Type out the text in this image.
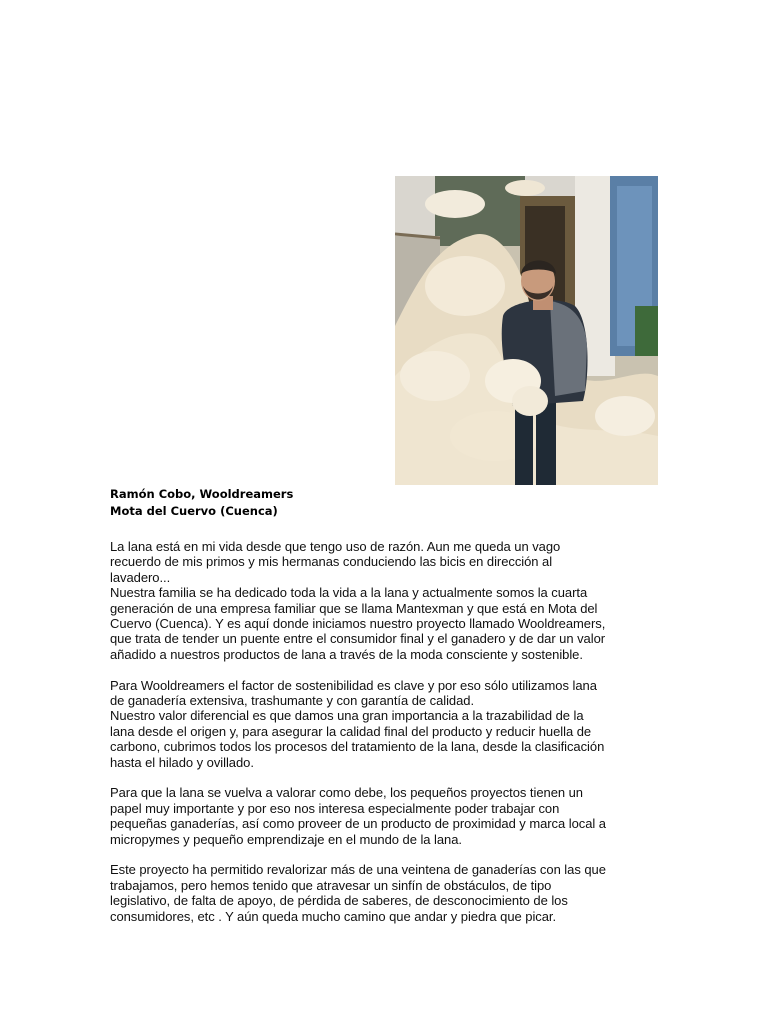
Ramón Cobo, Wooldreamers
Mota del Cuervo (Cuenca)

La lana está en mi vida desde que tengo uso de razón. Aun me queda un vago
recuerdo de mis primos y mis hermanas conduciendo las bicis en dirección al
lavadero...
Nuestra familia se ha dedicado toda la vida a la lana y actualmente somos la cuarta
generación de una empresa familiar que se llama Mantexman y que está en Mota del
Cuervo (Cuenca). Y es aquí donde iniciamos nuestro proyecto llamado Wooldreamers,
que trata de tender un puente entre el consumidor final y el ganadero y de dar un valor
añadido a nuestros productos de lana a través de la moda consciente y sostenible.

Para Wooldreamers el factor de sostenibilidad es clave y por eso sólo utilizamos lana
de ganadería extensiva, trashumante y con garantía de calidad.
Nuestro valor diferencial es que damos una gran importancia a la trazabilidad de la
lana desde el origen y, para asegurar la calidad final del producto y reducir huella de
carbono, cubrimos todos los procesos del tratamiento de la lana, desde la clasificación
hasta el hilado y ovillado.

Para que la lana se vuelva a valorar como debe, los pequeños proyectos tienen un
papel muy importante y por eso nos interesa especialmente poder trabajar con
pequeñas ganaderías, así como proveer de un producto de proximidad y marca local a
micropymes y pequeño emprendizaje en el mundo de la lana.

Este proyecto ha permitido revalorizar más de una veintena de ganaderías con las que
trabajamos, pero hemos tenido que atravesar un sinfín de obstáculos, de tipo
legislativo, de falta de apoyo, de pérdida de saberes, de desconocimiento de los
consumidores, etc . Y aún queda mucho camino que andar y piedra que picar.
